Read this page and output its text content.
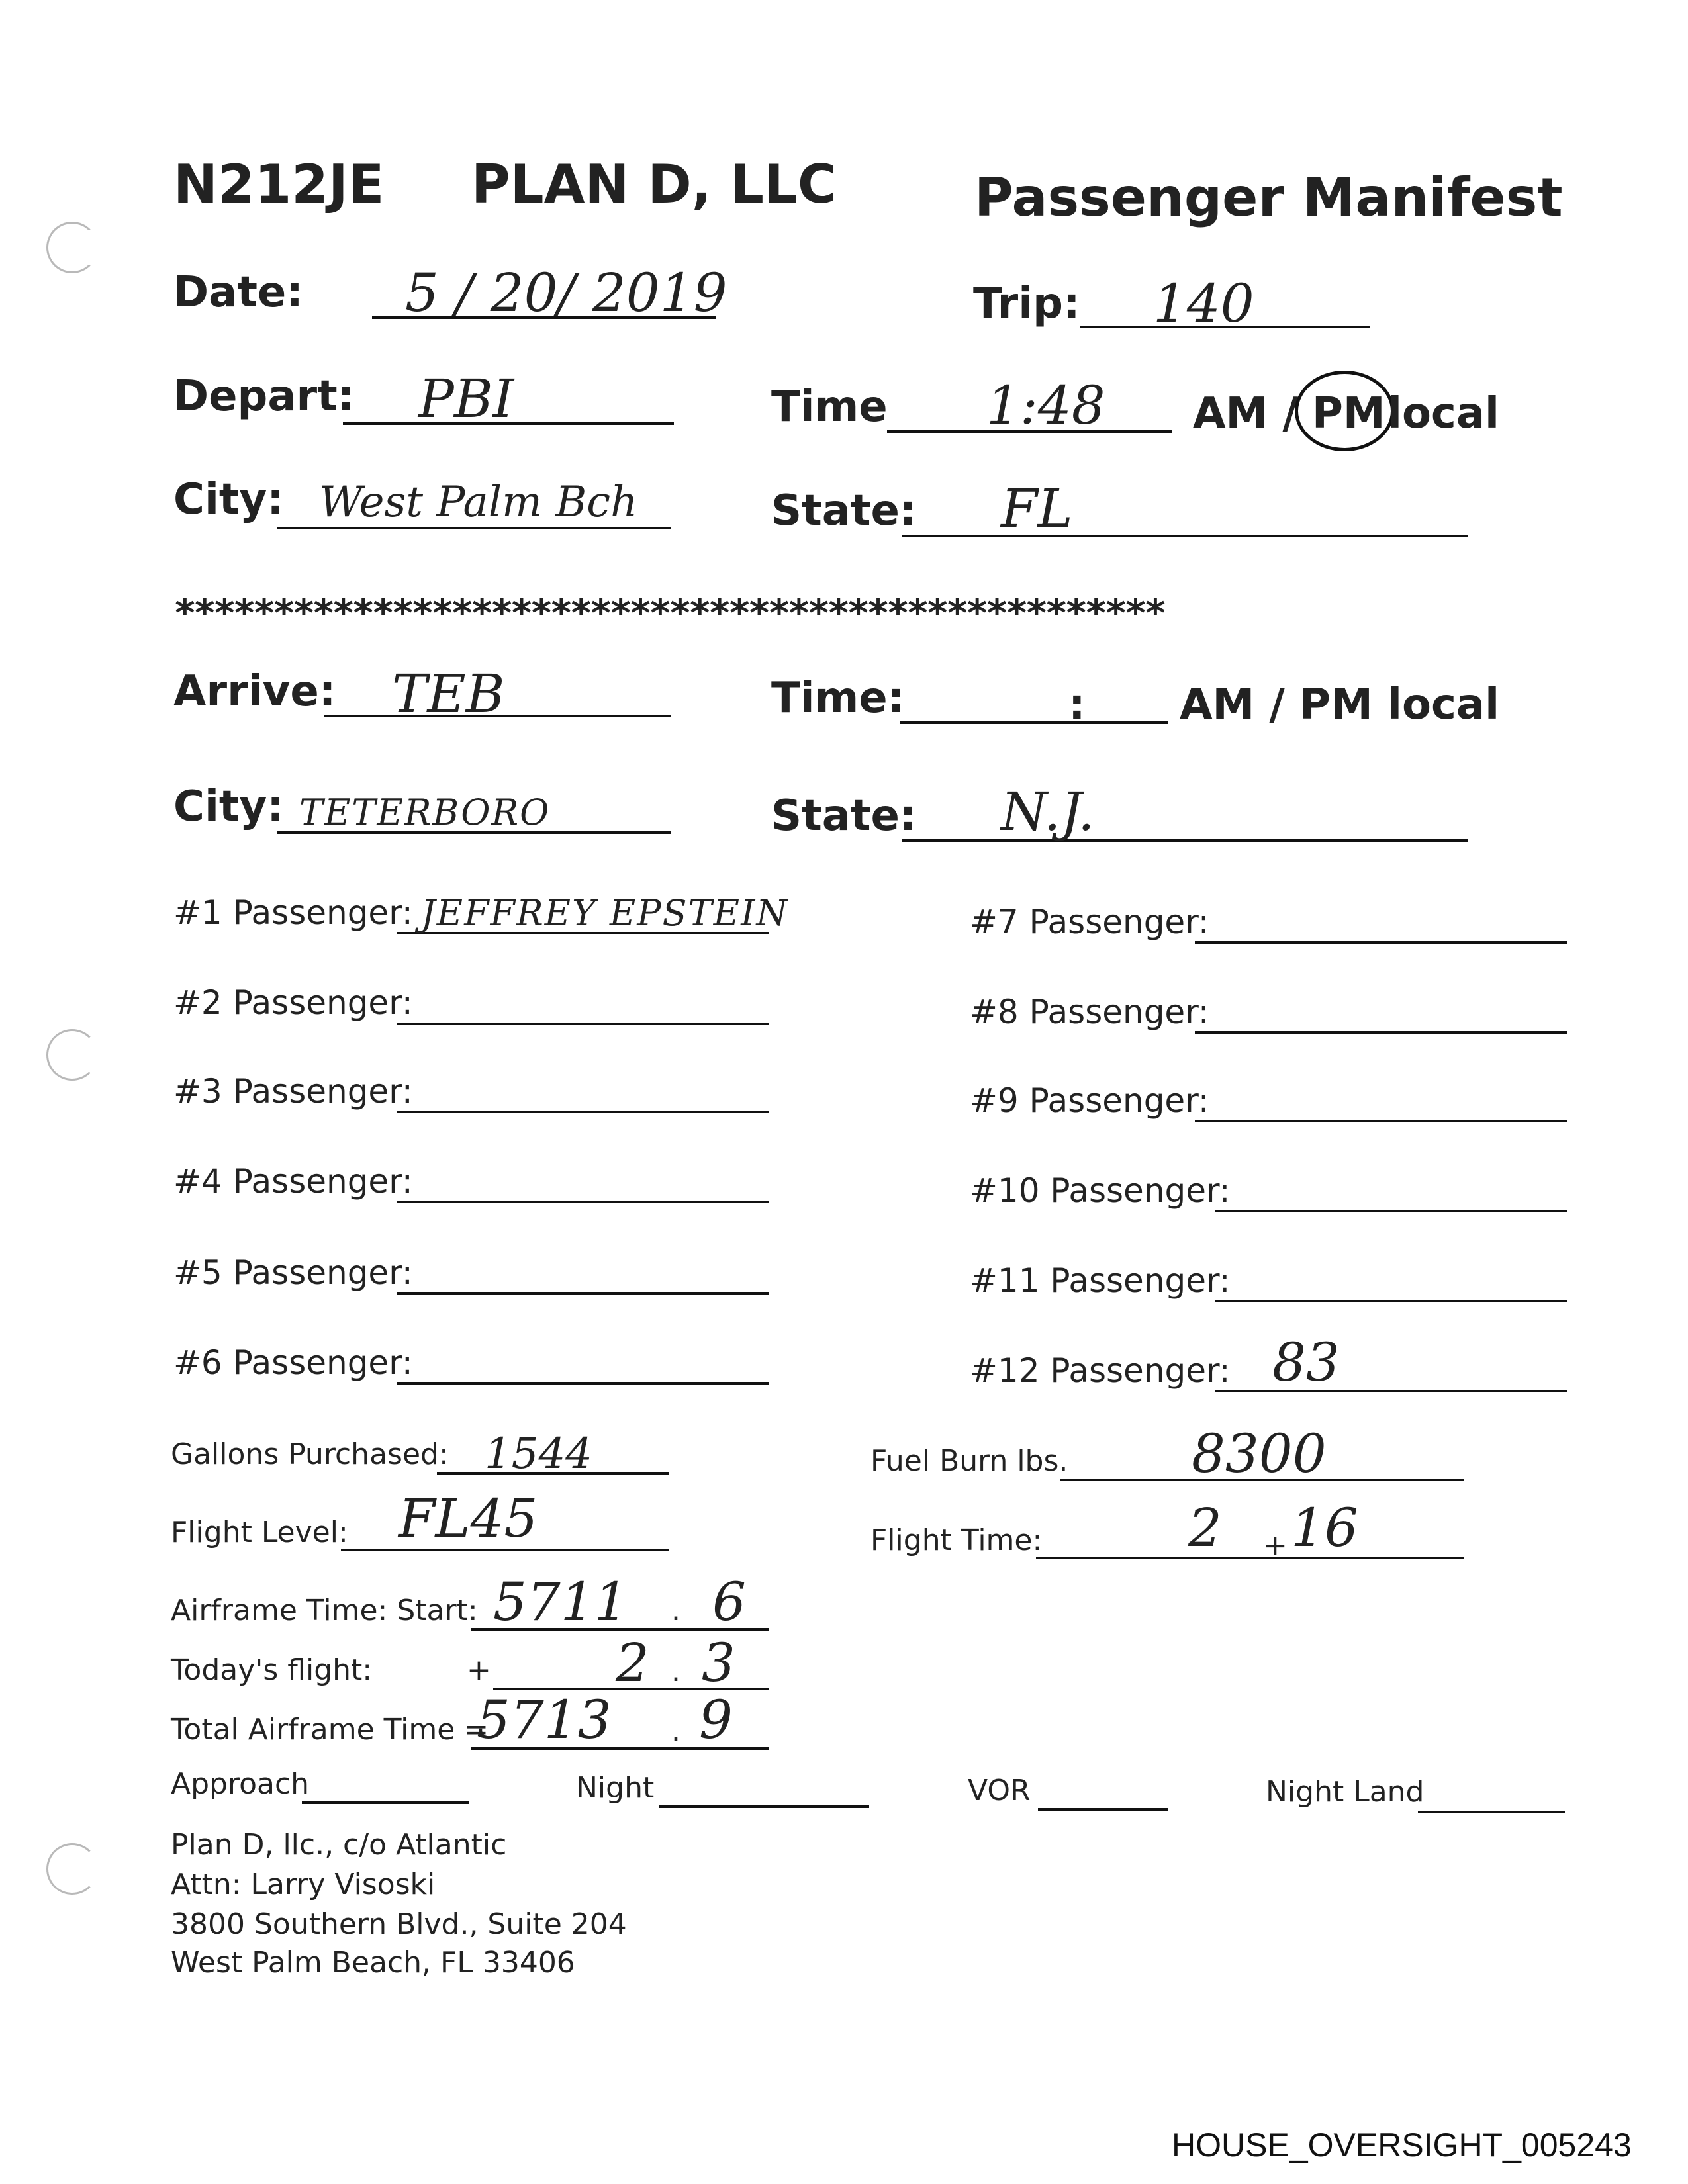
N212JE PLAN D, LLC	Passenger Manifest
Date: 5 / 20/ 2019	Trip: 140
Depart: PBI	Time 1:48 AM / PM local
City: West Palm Bch	State: FL
**************************************************
Arrive: TEB	Time:	: AM / PM local
City: TETERBORO	State: N.J.
#1 Passenger: JEFFREY EPSTEIN
#2 Passenger:
#3 Passenger:
#4 Passenger:
#5 Passenger:
#6 Passenger:
#7 Passenger:
#8 Passenger:
#9 Passenger:
#10 Passenger:
#11 Passenger:
#12 Passenger: 83
Gallons Purchased: 1544	Fuel Burn lbs. 8300
Flight Level: FL45	Flight Time:	2 + 16
Airframe Time: Start: 5711 . 6
Today's flight:	+ 2 . 3
Total Airframe Time =
5713 . 9
Approach	Night	VOR	Night Land
Plan D, llc., c/o Atlantic
Attn: Larry Visoski
3800 Southern Blvd., Suite 204
West Palm Beach, FL 33406
HOUSE_OVERSIGHT_005243
